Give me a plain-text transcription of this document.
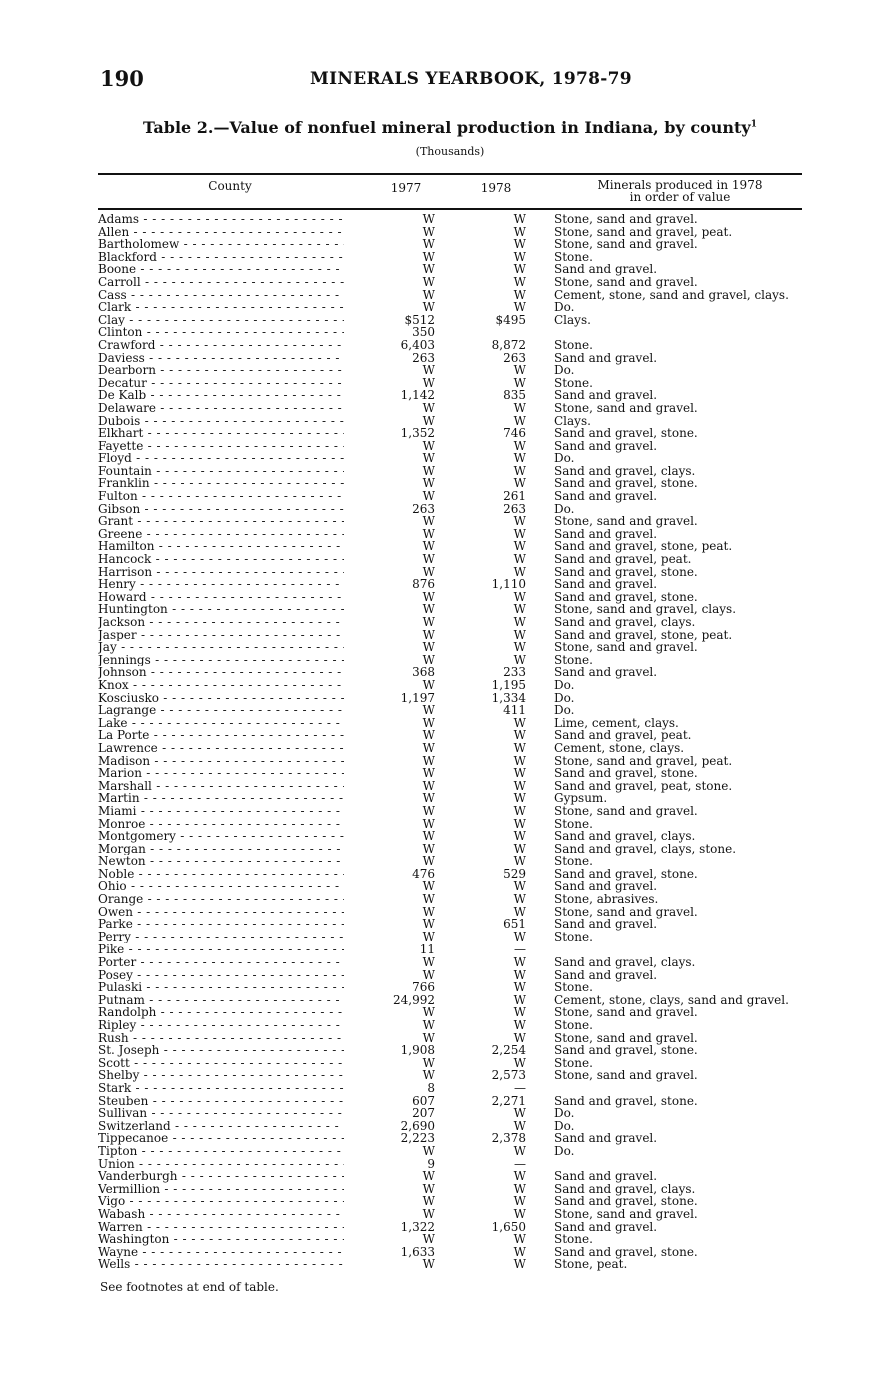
190	MINERALS YEARBOOK, 1978-79
Table 2.—Value of nonfuel mineral production in Indiana, by county$^1$
(Thousands)
County	1977	1978	Minerals produced in 1978
in order of value
Adams - - -	W	W Stone, sand and gravel.
Allen - - -	W	W Stone, sand and gravel, peat.
Bartholomew - - -	W	W Stone, sand and gravel.
Blackford - - -	W	W Stone.
Boone - - -	W	W Sand and gravel.
Carroll - - -	W	W Stone, sand and gravel.
Cass - - -	W	W Cement, stone, sand and gravel, clays.
Clark - - -	W	W Do.
Clay - - -	$512	$495 Clays.
Clinton - - -	350
Crawford - - -	6,403	8,872 Stone.
Daviess - - -	263	263 Sand and gravel.
Dearborn - - -	W	W Do.
Decatur - - -	W	W Stone.
De Kalb - - -	1,142	835 Sand and gravel.
Delaware - - -	W	W Stone, sand and gravel.
Dubois - - -	W	W Clays.
Elkhart - - -	1,352	746 Sand and gravel, stone.
Fayette - - -	W	W Sand and gravel.
Floyd - - -	W	W Do.
Fountain - - -	W	W Sand and gravel, clays.
Franklin - - -	W	W Sand and gravel, stone.
Fulton - - -	W	261 Sand and gravel.
Gibson - - -	263	263 Do.
Grant - - -	W	W Stone, sand and gravel.
Greene - - -	W	W Sand and gravel.
Hamilton - - -	W	W Sand and gravel, stone, peat.
Hancock - - -	W	W Sand and gravel, peat.
Harrison - - -	W	W Sand and gravel, stone.
Henry - - -	876	1,110 Sand and gravel.
Howard - - -	W	W Sand and gravel, stone.
Huntington - - -	W	W Stone, sand and gravel, clays.
Jackson - - -	W	W Sand and gravel, clays.
Jasper - - -	W	W Sand and gravel, stone, peat.
Jay - - -	W	W Stone, sand and gravel.
Jennings - - -	W	W Stone.
Johnson - - -	368	233 Sand and gravel.
Knox - - -	W	1,195 Do.
Kosciusko - - -	1,197	1,334 Do.
Lagrange - - -	W	411 Do.
Lake - - -	W	W Lime, cement, clays.
La Porte - - -	W	W Sand and gravel, peat.
Lawrence - - -	W	W Cement, stone, clays.
Madison - - -	W	W Stone, sand and gravel, peat.
Marion - - -	W	W Sand and gravel, stone.
Marshall - - -	W	W Sand and gravel, peat, stone.
Martin - - -	W	W Gypsum.
Miami - - -	W	W Stone, sand and gravel.
Monroe - - -	W	W Stone.
Montgomery - - -	W	W Sand and gravel, clays.
Morgan - - -	W	W Sand and gravel, clays, stone.
Newton - - -	W	W Stone.
Noble - - -	476	529 Sand and gravel, stone.
Ohio - - -	W	W Sand and gravel.
Orange - - -	W	W Stone, abrasives.
Owen - - -	W	W Stone, sand and gravel.
Parke - - -	W	651 Sand and gravel.
Perry - - -	W	W Stone.
Pike - - -	11	—
Porter - - -	W	W Sand and gravel, clays.
Posey - - -	W	W Sand and gravel.
Pulaski - - -	766	W Stone.
Putnam - - -	24,992	W Cement, stone, clays, sand and gravel.
Randolph - - -	W	W Stone, sand and gravel.
Ripley - - -	W	W Stone.
Rush - - -	W	W Stone, sand and gravel.
St. Joseph - - -	1,908	2,254 Sand and gravel, stone.
Scott - - -	W	W Stone.
Shelby - - -	W	2,573 Stone, sand and gravel.
Stark - - -	8	—
Steuben - - -	607	2,271 Sand and gravel, stone.
Sullivan - - -	207	W Do.
Switzerland - - -	2,690	W Do.
Tippecanoe - - -	2,223	2,378 Sand and gravel.
Tipton - - -	W	W Do.
Union - - -	9	—
Vanderburgh - - -	W	W Sand and gravel.
Vermillion - - -	W	W Sand and gravel, clays.
Vigo - - -	W	W Sand and gravel, stone.
Wabash - - -	W	W Stone, sand and gravel.
Warren - - -	1,322	1,650 Sand and gravel.
Washington - - -	W	W Stone.
Wayne - - -	1,633	W Sand and gravel, stone.
Wells - - -	W	W Stone, peat.
See footnotes at end of table.
